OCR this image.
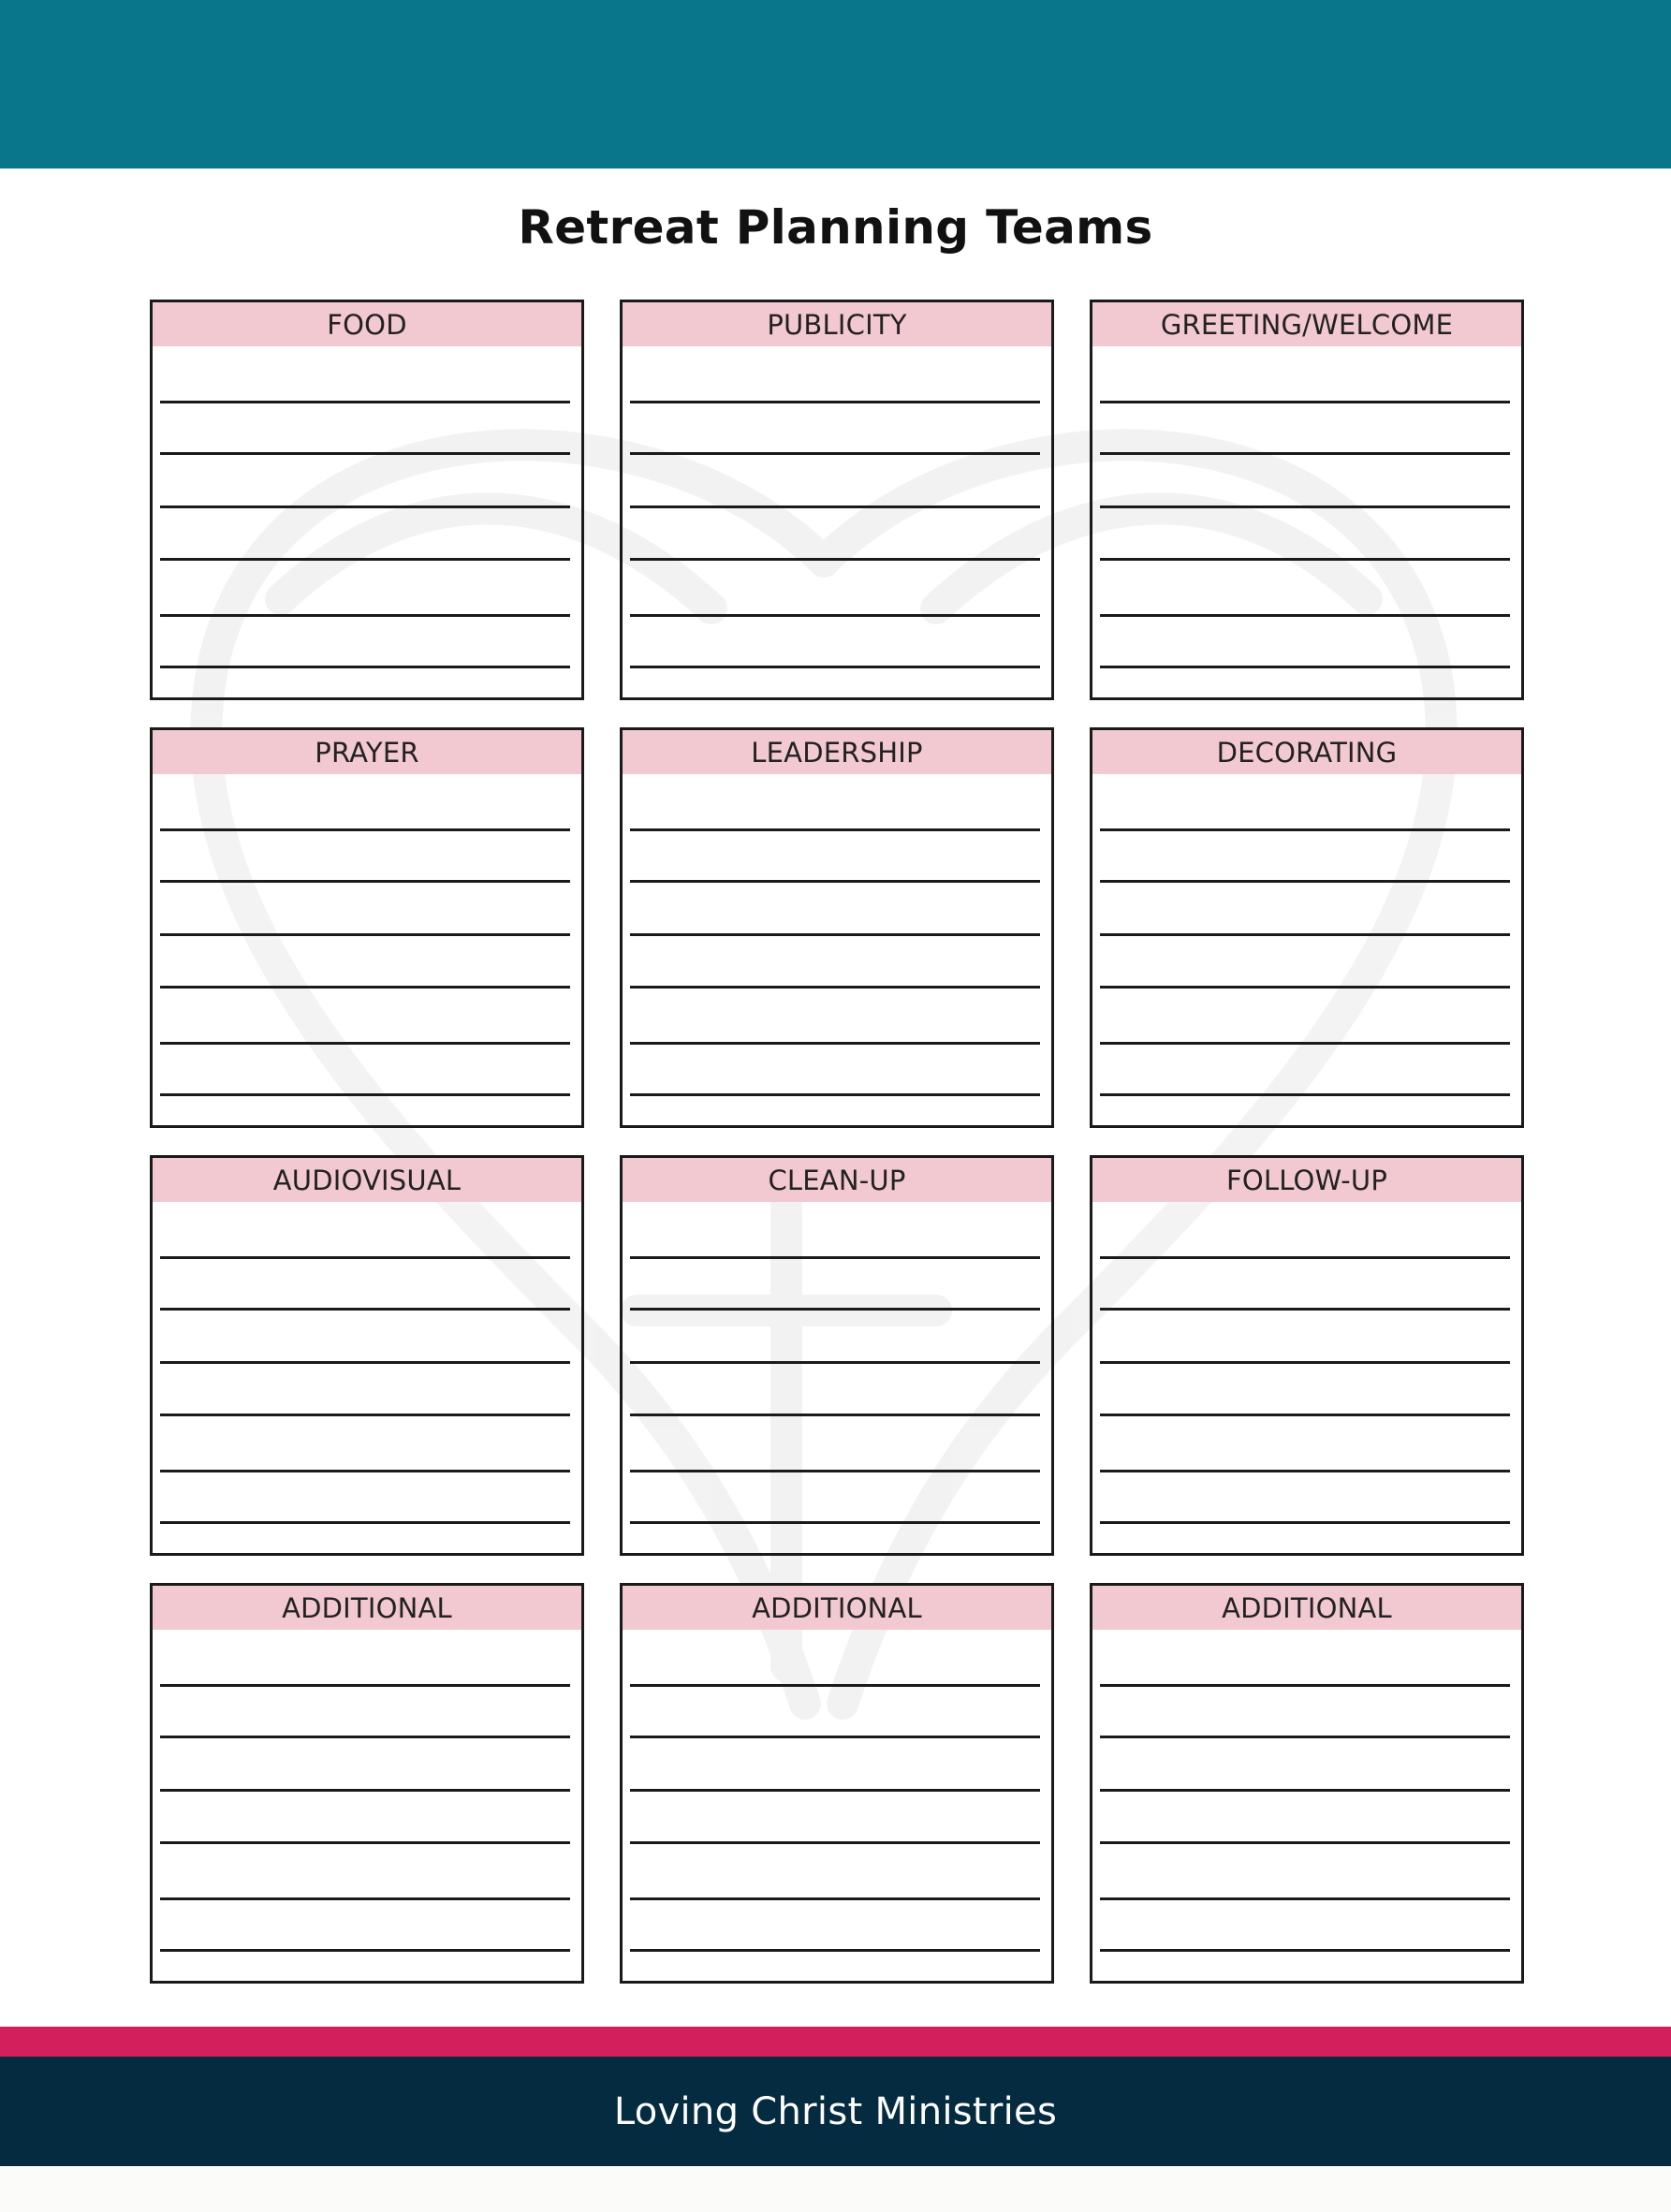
Retreat Planning Teams
FOOD	PUBLICITY	GREETING/WELCOME
PRAYER	LEADERSHIP	DECORATING
AUDIOVISUAL	CLEAN-UP	FOLLOW-UP
ADDITIONAL	ADDITIONAL	ADDITIONAL
Loving Christ Ministries
